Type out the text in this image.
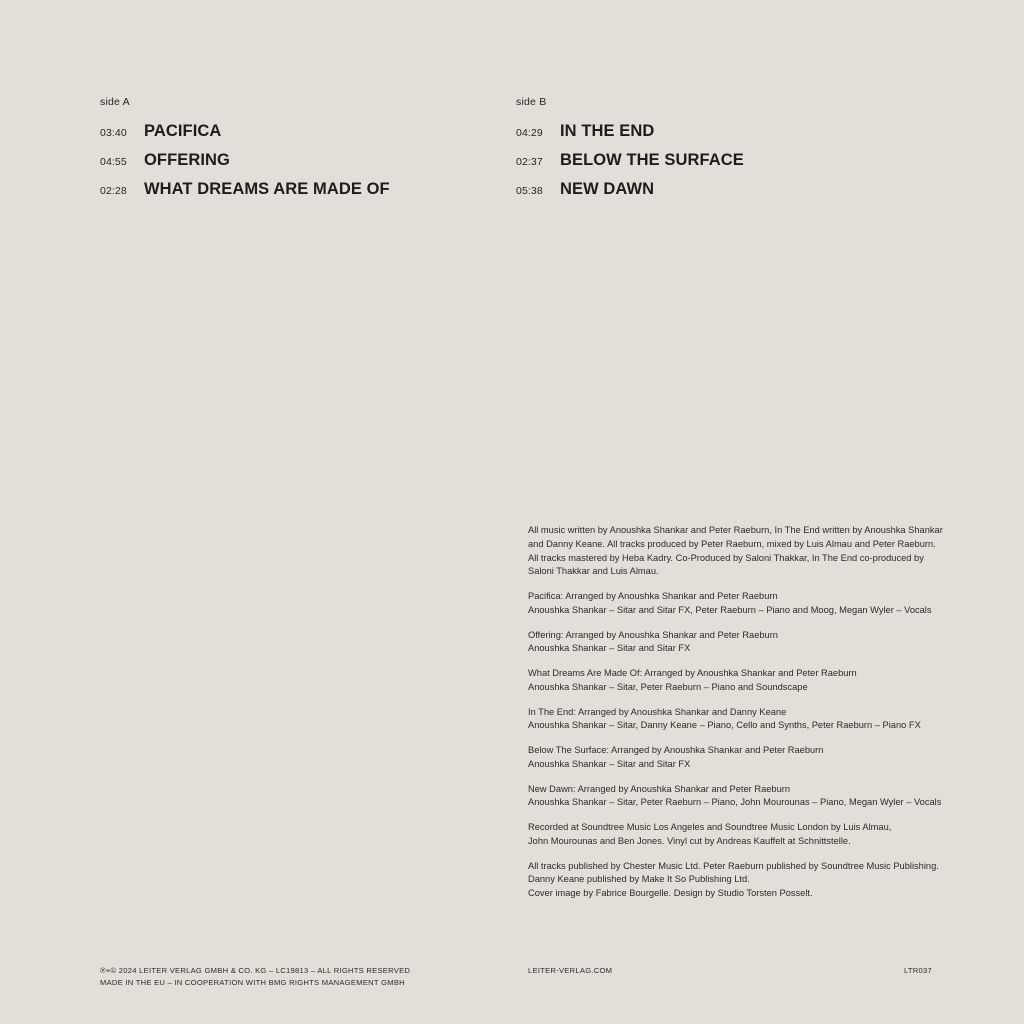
side A
03:40	PACIFICA
04:55	OFFERING
02:28	WHAT DREAMS ARE MADE OF
side B
04:29	IN THE END
02:37	BELOW THE SURFACE
05:38	NEW DAWN
All music written by Anoushka Shankar and Peter Raeburn, In The End written by Anoushka Shankar
and Danny Keane. All tracks produced by Peter Raeburn, mixed by Luis Almau and Peter Raeburn.
All tracks mastered by Heba Kadry. Co-Produced by Saloni Thakkar, In The End co-produced by
Saloni Thakkar and Luis Almau.
Pacifica: Arranged by Anoushka Shankar and Peter Raeburn
Anoushka Shankar – Sitar and Sitar FX, Peter Raeburn – Piano and Moog, Megan Wyler – Vocals
Offering: Arranged by Anoushka Shankar and Peter Raeburn
Anoushka Shankar – Sitar and Sitar FX
What Dreams Are Made Of: Arranged by Anoushka Shankar and Peter Raeburn
Anoushka Shankar – Sitar, Peter Raeburn – Piano and Soundscape
In The End: Arranged by Anoushka Shankar and Danny Keane
Anoushka Shankar – Sitar, Danny Keane – Piano, Cello and Synths, Peter Raeburn – Piano FX
Below The Surface: Arranged by Anoushka Shankar and Peter Raeburn
Anoushka Shankar – Sitar and Sitar FX
New Dawn: Arranged by Anoushka Shankar and Peter Raeburn
Anoushka Shankar – Sitar, Peter Raeburn – Piano, John Mourounas – Piano, Megan Wyler – Vocals
Recorded at Soundtree Music Los Angeles and Soundtree Music London by Luis Almau,
John Mourounas and Ben Jones. Vinyl cut by Andreas Kauffelt at Schnittstelle.
All tracks published by Chester Music Ltd. Peter Raeburn published by Soundtree Music Publishing.
Danny Keane published by Make It So Publishing Ltd.
Cover image by Fabrice Bourgelle. Design by Studio Torsten Posselt.
℗+© 2024 LEITER VERLAG GMBH & CO. KG – LC19813 – ALL RIGHTS RESERVED
MADE IN THE EU – IN COOPERATION WITH BMG RIGHTS MANAGEMENT GMBH
LEITER-VERLAG.COM	LTR037
